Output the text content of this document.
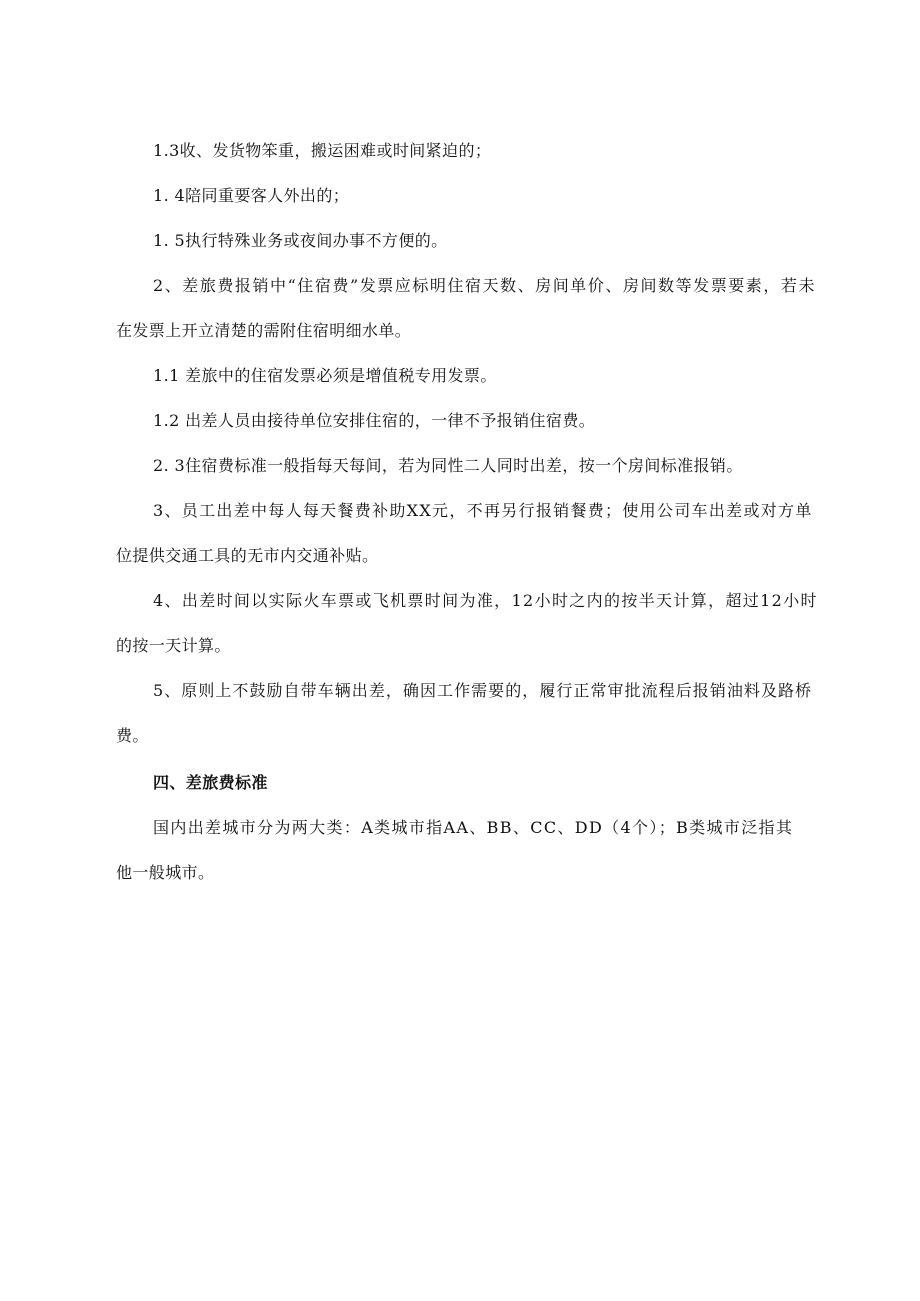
1.3收、发货物笨重，搬运困难或时间紧迫的；
1. 4陪同重要客人外出的；
1. 5执行特殊业务或夜间办事不方便的。
2、差旅费报销中“住宿费”发票应标明住宿天数、房间单价、房间数等发票要素，若未
在发票上开立清楚的需附住宿明细水单。
1.1 差旅中的住宿发票必须是增值税专用发票。
1.2 出差人员由接待单位安排住宿的，一律不予报销住宿费。
2. 3住宿费标准一般指每天每间，若为同性二人同时出差，按一个房间标准报销。
3、员工出差中每人每天餐费补助XX元，不再另行报销餐费；使用公司车出差或对方单
位提供交通工具的无市内交通补贴。
4、出差时间以实际火车票或飞机票时间为准，12小时之内的按半天计算，超过12小时
的按一天计算。
5、原则上不鼓励自带车辆出差，确因工作需要的，履行正常审批流程后报销油料及路桥
费。
四、差旅费标准
国内出差城市分为两大类：A类城市指AA、BB、CC、DD（4个）；B类城市泛指其
他一般城市。
